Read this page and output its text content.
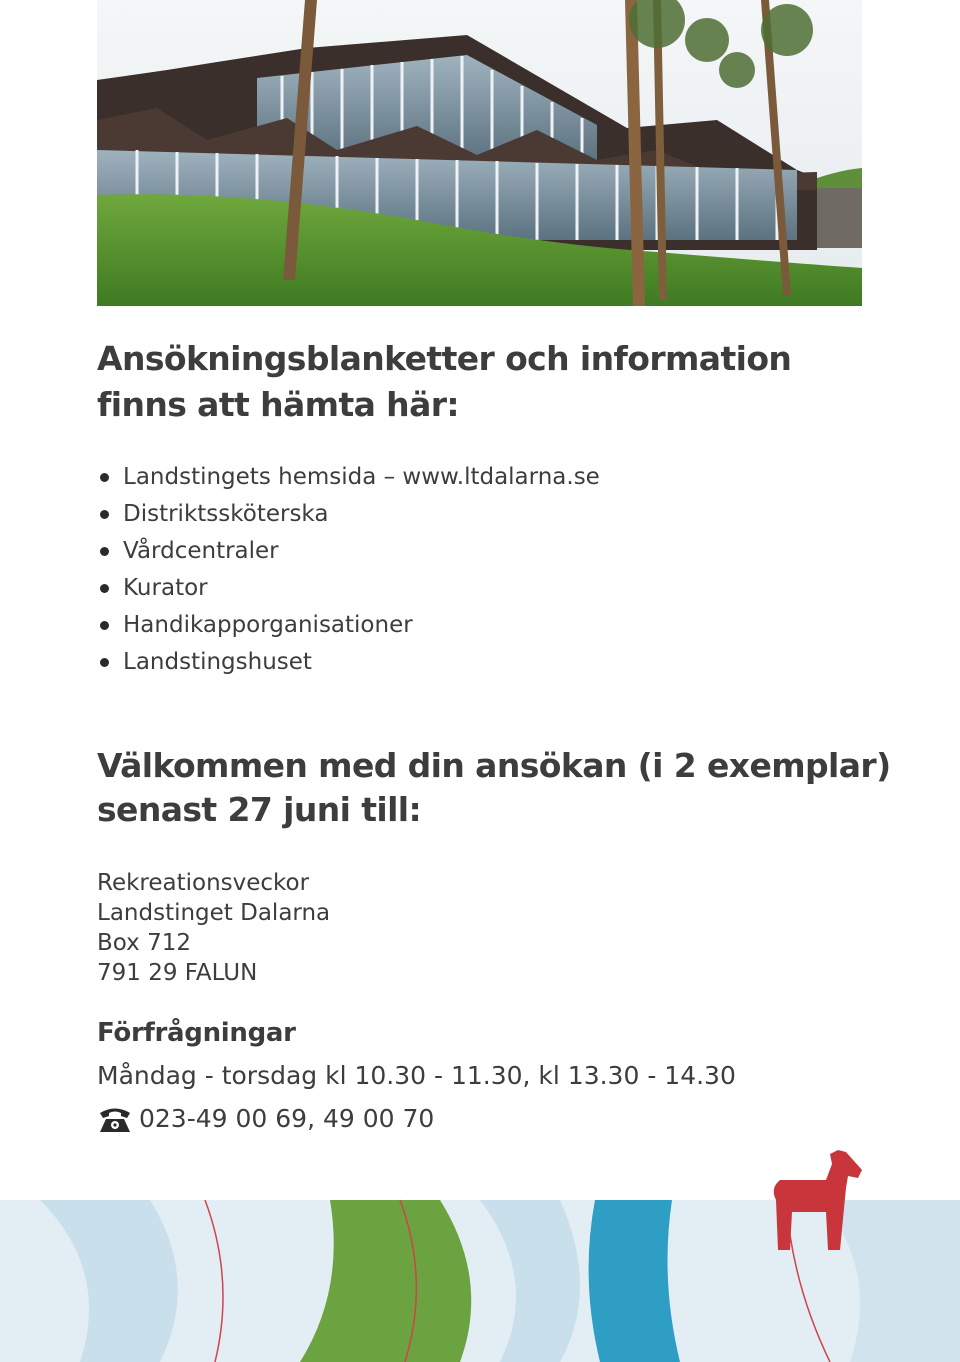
Ansökningsblanketter och information
finns att hämta här:
Landstingets hemsida – www.ltdalarna.se
Distriktssköterska
Vårdcentraler
Kurator
Handikapporganisationer
Landstingshuset
Välkommen med din ansökan (i 2 exemplar)
senast 27 juni till:
Rekreationsveckor
Landstinget Dalarna
Box 712
791 29 FALUN
Förfrågningar
Måndag - torsdag kl 10.30 - 11.30, kl 13.30 - 14.30
023-49 00 69, 49 00 70
